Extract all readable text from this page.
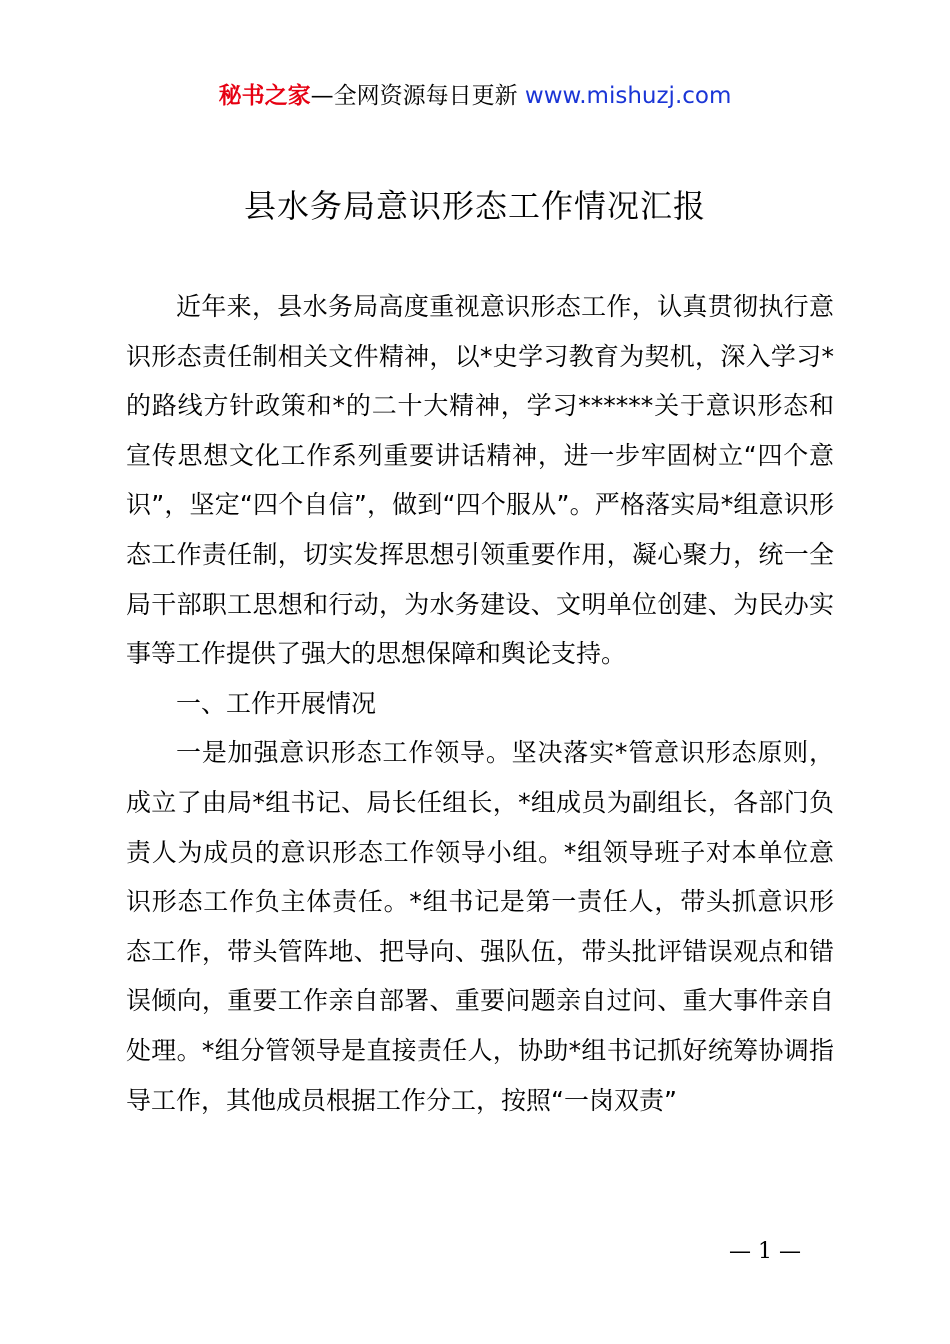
秘书之家—全网资源每日更新 www.mishuzj.com
县水务局意识形态工作情况汇报

近年来，县水务局高度重视意识形态工作，认真贯彻执行意识形态责任制相关文件精神，以*史学习教育为契机，深入学习*的路线方针政策和*的二十大精神，学习******关于意识形态和宣传思想文化工作系列重要讲话精神，进一步牢固树立“四个意识”，坚定“四个自信”，做到“四个服从”。严格落实局*组意识形态工作责任制，切实发挥思想引领重要作用，凝心聚力，统一全局干部职工思想和行动，为水务建设、文明单位创建、为民办实事等工作提供了强大的思想保障和舆论支持。

一、工作开展情况

一是加强意识形态工作领导。坚决落实*管意识形态原则，成立了由局*组书记、局长任组长，*组成员为副组长，各部门负责人为成员的意识形态工作领导小组。*组领导班子对本单位意识形态工作负主体责任。*组书记是第一责任人，带头抓意识形态工作，带头管阵地、把导向、强队伍，带头批评错误观点和错误倾向，重要工作亲自部署、重要问题亲自过问、重大事件亲自处理。*组分管领导是直接责任人，协助*组书记抓好统筹协调指导工作，其他成员根据工作分工，按照“一岗双责”

— 1 —
